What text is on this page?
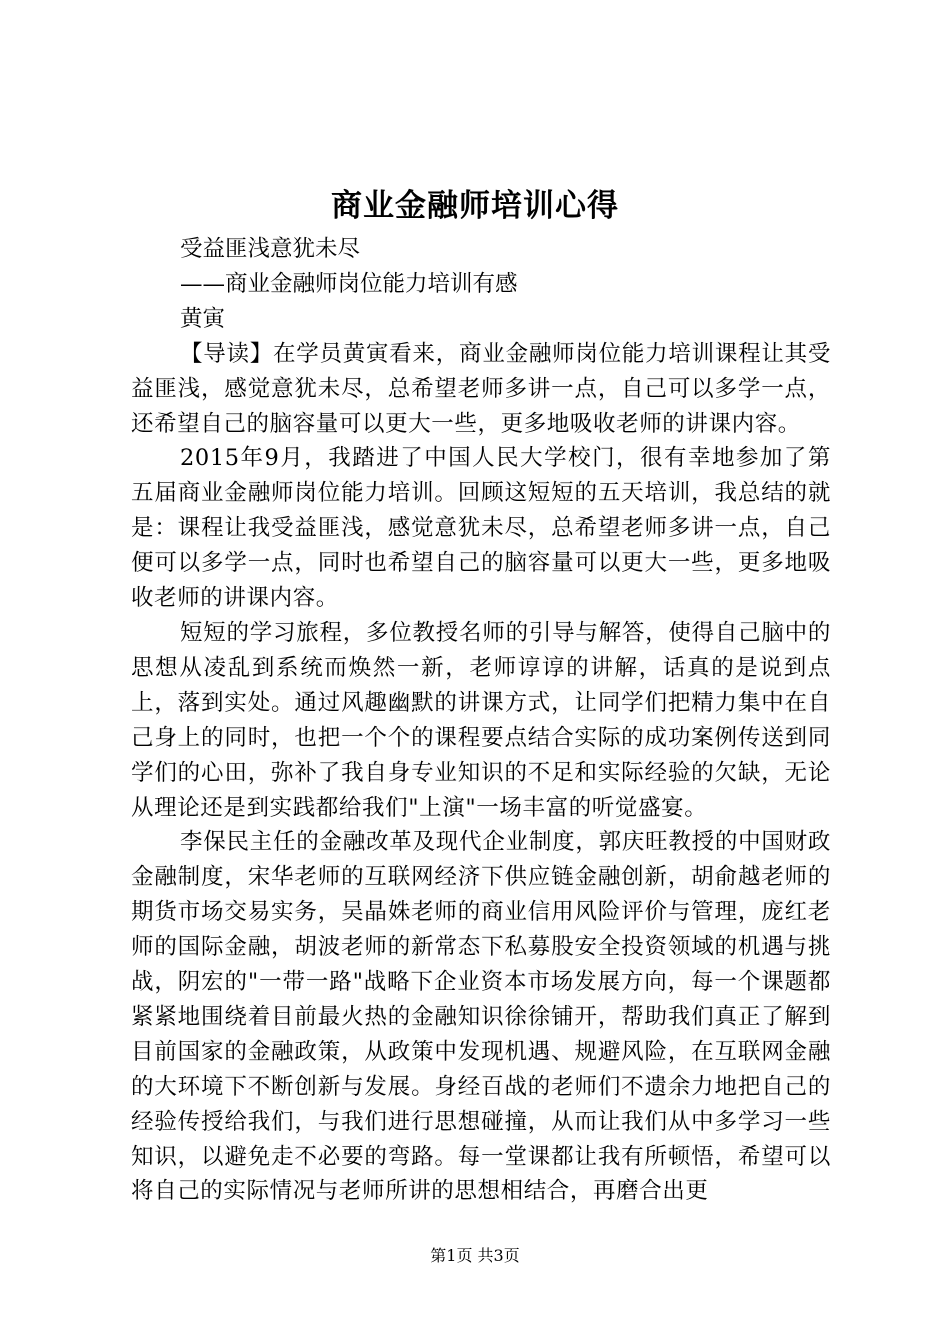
商业金融师培训心得

受益匪浅意犹未尽

——商业金融师岗位能力培训有感

黄寅

【导读】在学员黄寅看来，商业金融师岗位能力培训课程让其受益匪浅，感觉意犹未尽，总希望老师多讲一点，自己可以多学一点，还希望自己的脑容量可以更大一些，更多地吸收老师的讲课内容。

2015年9月，我踏进了中国人民大学校门，很有幸地参加了第五届商业金融师岗位能力培训。回顾这短短的五天培训，我总结的就是：课程让我受益匪浅，感觉意犹未尽，总希望老师多讲一点，自己便可以多学一点，同时也希望自己的脑容量可以更大一些，更多地吸收老师的讲课内容。

短短的学习旅程，多位教授名师的引导与解答，使得自己脑中的思想从凌乱到系统而焕然一新，老师谆谆的讲解，话真的是说到点上，落到实处。通过风趣幽默的讲课方式，让同学们把精力集中在自己身上的同时，也把一个个的课程要点结合实际的成功案例传送到同学们的心田，弥补了我自身专业知识的不足和实际经验的欠缺，无论从理论还是到实践都给我们"上演"一场丰富的听觉盛宴。

李保民主任的金融改革及现代企业制度，郭庆旺教授的中国财政金融制度，宋华老师的互联网经济下供应链金融创新，胡俞越老师的期货市场交易实务，吴晶姝老师的商业信用风险评价与管理，庞红老师的国际金融，胡波老师的新常态下私募股安全投资领域的机遇与挑战，阴宏的"一带一路"战略下企业资本市场发展方向，每一个课题都紧紧地围绕着目前最火热的金融知识徐徐铺开，帮助我们真正了解到目前国家的金融政策，从政策中发现机遇、规避风险，在互联网金融的大环境下不断创新与发展。身经百战的老师们不遗余力地把自己的经验传授给我们，与我们进行思想碰撞，从而让我们从中多学习一些知识，以避免走不必要的弯路。每一堂课都让我有所顿悟，希望可以将自己的实际情况与老师所讲的思想相结合，再磨合出更

第1页 共3页
